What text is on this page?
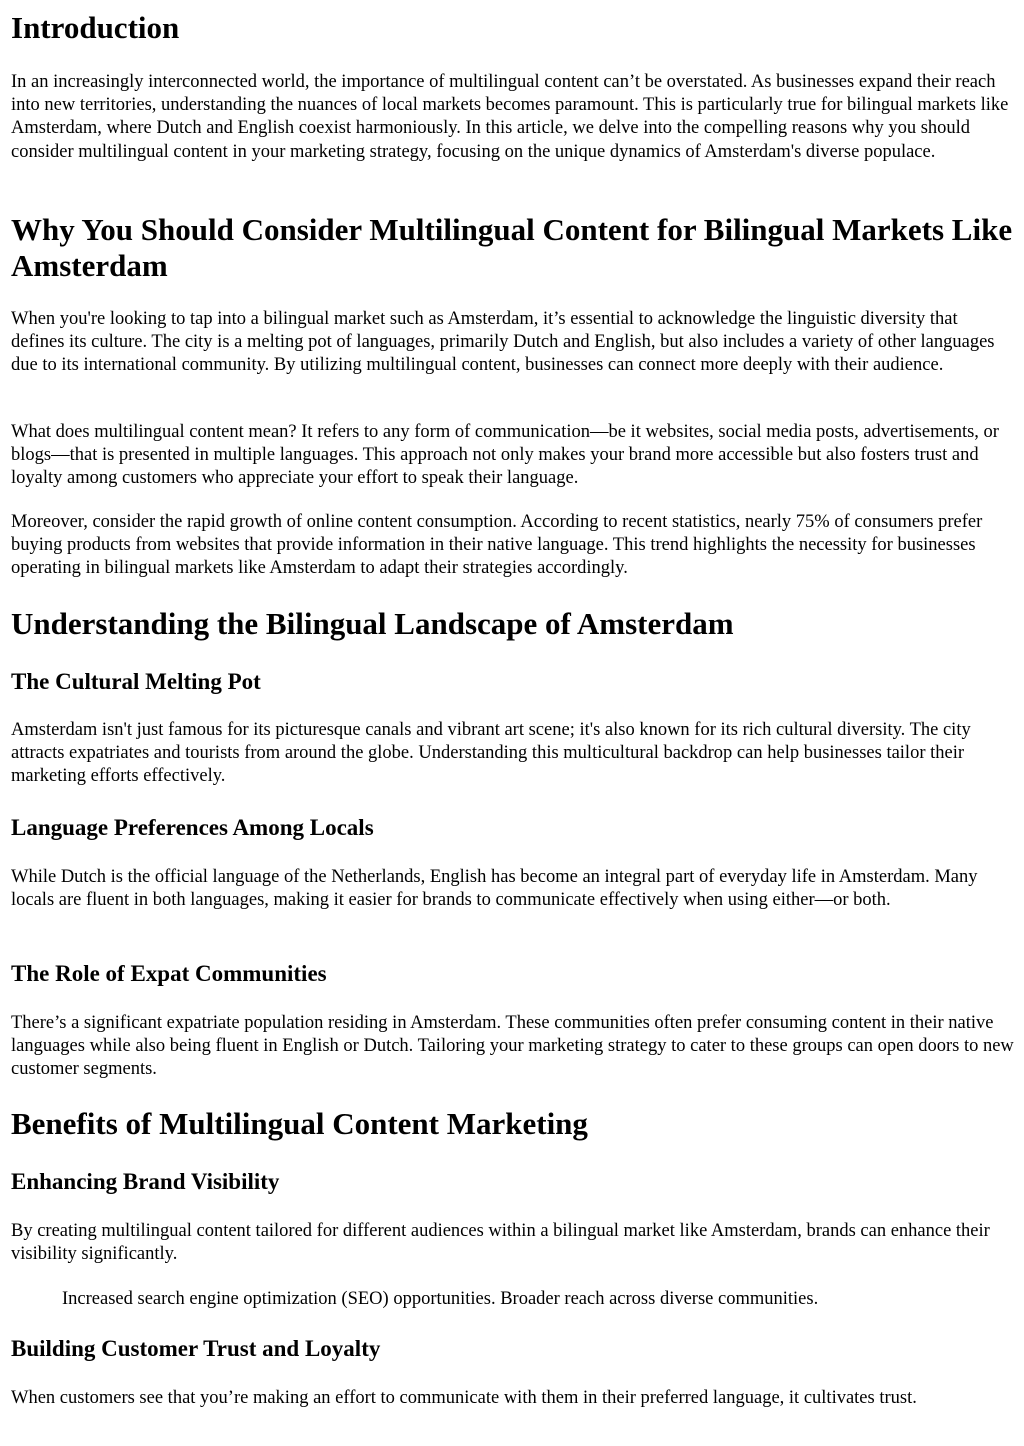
Introduction

In an increasingly interconnected world, the importance of multilingual content can’t be overstated. As businesses expand their reach into new territories, understanding the nuances of local markets becomes paramount. This is particularly true for bilingual markets like Amsterdam, where Dutch and English coexist harmoniously. In this article, we delve into the compelling reasons why you should consider multilingual content in your marketing strategy, focusing on the unique dynamics of Amsterdam's diverse populace.

Why You Should Consider Multilingual Content for Bilingual Markets Like Amsterdam

When you're looking to tap into a bilingual market such as Amsterdam, it’s essential to acknowledge the linguistic diversity that defines its culture. The city is a melting pot of languages, primarily Dutch and English, but also includes a variety of other languages due to its international community. By utilizing multilingual content, businesses can connect more deeply with their audience.

What does multilingual content mean? It refers to any form of communication—be it websites, social media posts, advertisements, or blogs—that is presented in multiple languages. This approach not only makes your brand more accessible but also fosters trust and loyalty among customers who appreciate your effort to speak their language.

Moreover, consider the rapid growth of online content consumption. According to recent statistics, nearly 75% of consumers prefer buying products from websites that provide information in their native language. This trend highlights the necessity for businesses operating in bilingual markets like Amsterdam to adapt their strategies accordingly.

Understanding the Bilingual Landscape of Amsterdam
The Cultural Melting Pot

Amsterdam isn't just famous for its picturesque canals and vibrant art scene; it's also known for its rich cultural diversity. The city attracts expatriates and tourists from around the globe. Understanding this multicultural backdrop can help businesses tailor their marketing efforts effectively.

Language Preferences Among Locals

While Dutch is the official language of the Netherlands, English has become an integral part of everyday life in Amsterdam. Many locals are fluent in both languages, making it easier for brands to communicate effectively when using either—or both.

The Role of Expat Communities

There’s a significant expatriate population residing in Amsterdam. These communities often prefer consuming content in their native languages while also being fluent in English or Dutch. Tailoring your marketing strategy to cater to these groups can open doors to new customer segments.

Benefits of Multilingual Content Marketing
Enhancing Brand Visibility

By creating multilingual content tailored for different audiences within a bilingual market like Amsterdam, brands can enhance their visibility significantly.

Increased search engine optimization (SEO) opportunities. Broader reach across diverse communities.

Building Customer Trust and Loyalty

When customers see that you’re making an effort to communicate with them in their preferred language, it cultivates trust.
